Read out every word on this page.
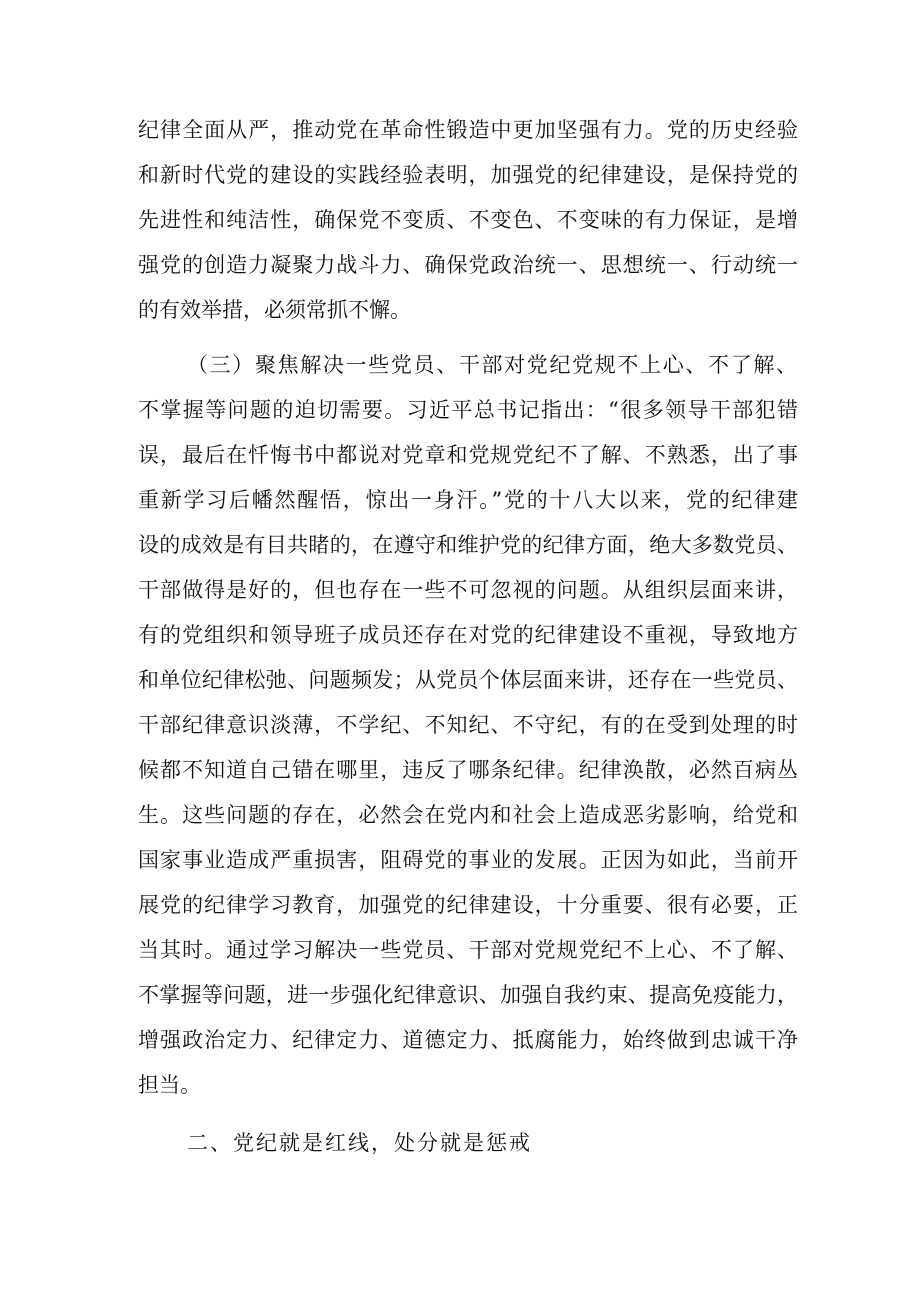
纪律全面从严，推动党在革命性锻造中更加坚强有力。党的历史经验
和新时代党的建设的实践经验表明，加强党的纪律建设，是保持党的
先进性和纯洁性，确保党不变质、不变色、不变味的有力保证，是增
强党的创造力凝聚力战斗力、确保党政治统一、思想统一、行动统一
的有效举措，必须常抓不懈。
（三）聚焦解决一些党员、干部对党纪党规不上心、不了解、
不掌握等问题的迫切需要。习近平总书记指出：“很多领导干部犯错
误，最后在忏悔书中都说对党章和党规党纪不了解、不熟悉，出了事
重新学习后幡然醒悟，惊出一身汗。”党的十八大以来，党的纪律建
设的成效是有目共睹的，在遵守和维护党的纪律方面，绝大多数党员、
干部做得是好的，但也存在一些不可忽视的问题。从组织层面来讲，
有的党组织和领导班子成员还存在对党的纪律建设不重视，导致地方
和单位纪律松弛、问题频发；从党员个体层面来讲，还存在一些党员、
干部纪律意识淡薄，不学纪、不知纪、不守纪，有的在受到处理的时
候都不知道自己错在哪里，违反了哪条纪律。纪律涣散，必然百病丛
生。这些问题的存在，必然会在党内和社会上造成恶劣影响，给党和
国家事业造成严重损害，阻碍党的事业的发展。正因为如此，当前开
展党的纪律学习教育，加强党的纪律建设，十分重要、很有必要，正
当其时。通过学习解决一些党员、干部对党规党纪不上心、不了解、
不掌握等问题，进一步强化纪律意识、加强自我约束、提高免疫能力，
增强政治定力、纪律定力、道德定力、抵腐能力，始终做到忠诚干净
担当。
二、党纪就是红线，处分就是惩戒
